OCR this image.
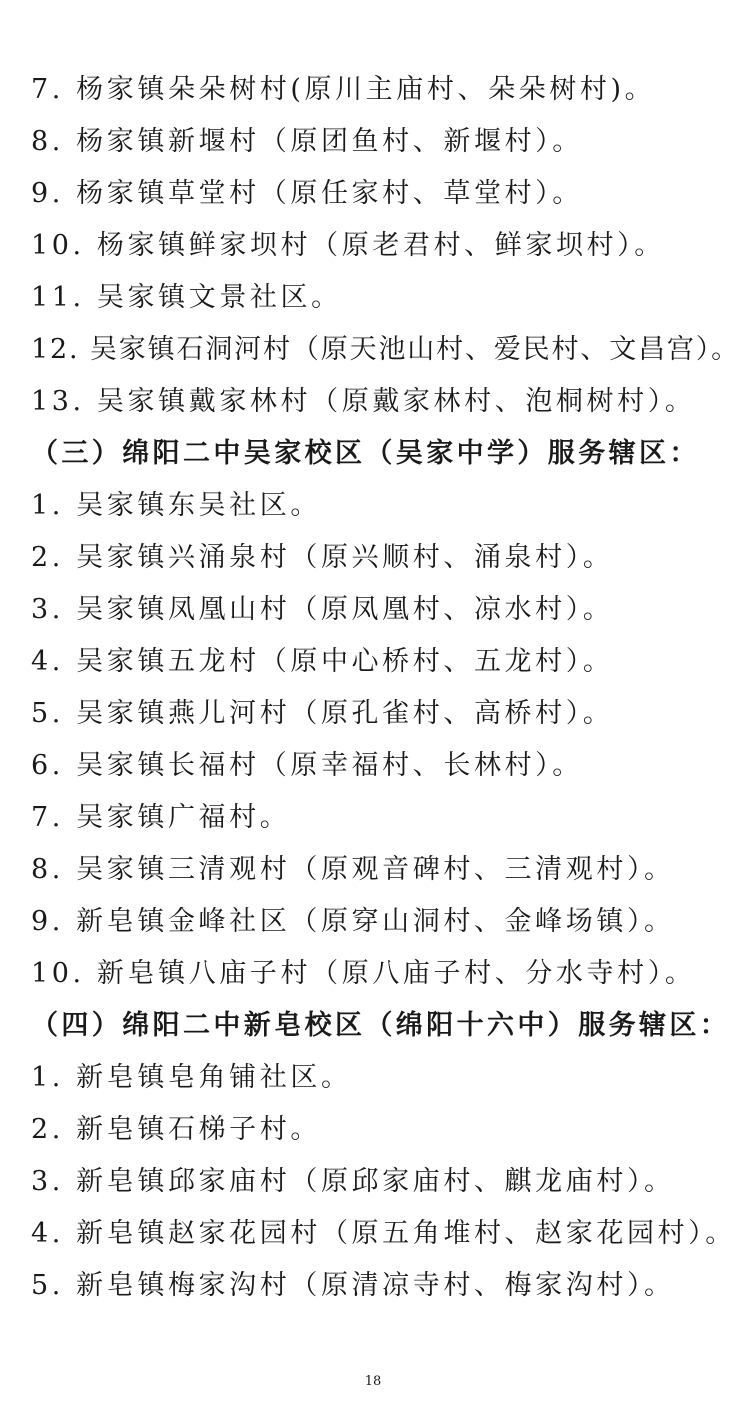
7. 杨家镇朵朵树村(原川主庙村、朵朵树村)。
8. 杨家镇新堰村（原团鱼村、新堰村）。
9. 杨家镇草堂村（原任家村、草堂村）。
10. 杨家镇鲜家坝村（原老君村、鲜家坝村）。
11. 吴家镇文景社区。
12. 吴家镇石洞河村（原天池山村、爱民村、文昌宫）。
13. 吴家镇戴家林村（原戴家林村、泡桐树村）。
（三）绵阳二中吴家校区（吴家中学）服务辖区：
1. 吴家镇东吴社区。
2. 吴家镇兴涌泉村（原兴顺村、涌泉村）。
3. 吴家镇凤凰山村（原凤凰村、凉水村）。
4. 吴家镇五龙村（原中心桥村、五龙村）。
5. 吴家镇燕儿河村（原孔雀村、高桥村）。
6. 吴家镇长福村（原幸福村、长林村）。
7. 吴家镇广福村。
8. 吴家镇三清观村（原观音碑村、三清观村）。
9. 新皂镇金峰社区（原穿山洞村、金峰场镇）。
10. 新皂镇八庙子村（原八庙子村、分水寺村）。
（四）绵阳二中新皂校区（绵阳十六中）服务辖区：
1. 新皂镇皂角铺社区。
2. 新皂镇石梯子村。
3. 新皂镇邱家庙村（原邱家庙村、麒龙庙村）。
4. 新皂镇赵家花园村（原五角堆村、赵家花园村）。
5. 新皂镇梅家沟村（原清凉寺村、梅家沟村）。
18
